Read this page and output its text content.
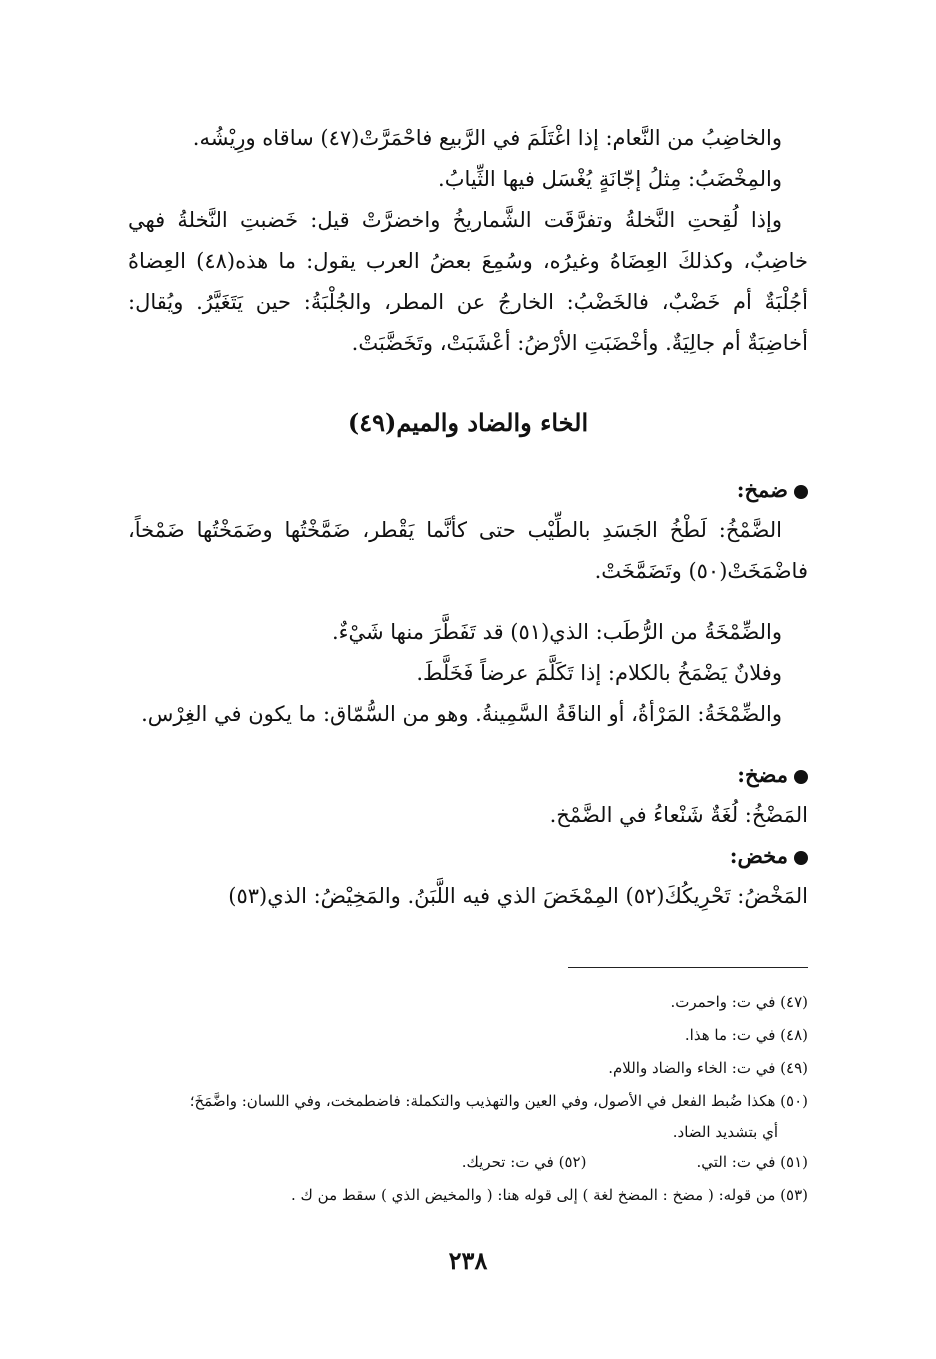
والخاضِبُ من النَّعام: إذا اغْتَلَمَ في الرَّبيع فاحْمَرَّتْ(٤٧) ساقاه ورِيْشُه.

والمِخْضَبُ: مِثلُ إجّانَةٍ يُغْسَل فيها الثِّيابُ.

وإذا لُقِحتِ النَّخلةُ وتفرَّقَت الشَّماريخُ واخضرَّتْ قيل: خَضبتِ النَّخلةُ فهي خاضِبٌ، وكذلكَ العِضَاهُ وغيرُه، وسُمِعَ بعضُ العرب يقول: ما هذه(٤٨) العِضاهُ أجُلْبَةٌ أم خَضْبٌ، فالخَضْبُ: الخارجُ عن المطر، والجُلْبَةُ: حين يَتَغَيَّرُ. ويُقال: أخاضِبَةٌ أم جالِيَةٌ. وأخْضَبَتِ الأرْضُ: أعْشَبَتْ، وتَخَضَّبَتْ.

الخاء والضاد والميم(٤٩)

ضمخ:

الضَّمْخُ: لَطْخُ الجَسَدِ بالطِّيْب حتى كأنَّما يَقْطر، ضَمَّخْتُها وضَمَخْتُها ضَمْخاً، فاضْمَخَتْ(٥٠) وتَضَمَّخَتْ.

والضِّمْخَةُ من الرُّطَب: الذي(٥١) قد تَفَطَّرَ منها شَيْءٌ.

وفلانٌ يَضْمَخُ بالكلام: إذا تَكَلَّمَ عرضاً فَخَلَّطَ.

والضِّمْخَةُ: المَرْأةُ، أو الناقَةُ السَّمِينةُ. وهو من السُّمّاق: ما يكون في الغِرْس.

مضخ:

المَضْخُ: لُغَةٌ شَنْعاءُ في الضَّمْخ.

مخض:

المَخْضُ: تَحْرِيكُكَ(٥٢) المِمْخَضَ الذي فيه اللَّبَنُ. والمَخِيْضُ: الذي(٥٣)

(٤٧) في ت: واحمرت.

(٤٨) في ت: ما هذا.

(٤٩) في ت: الخاء والضاد واللام.

(٥٠) هكذا ضُبط الفعل في الأصول، وفي العين والتهذيب والتكملة: فاضطمخت، وفي اللسان: واضَّمَخَ؛

أي بتشديد الضاد.

(٥١) في ت: التي.
(٥٢) في ت: تحريك.

(٥٣) من قوله: ( مضخ : المضخ لغة ) إلى قوله هنا: ( والمخيض الذي ) سقط من ك .

٢٣٨
